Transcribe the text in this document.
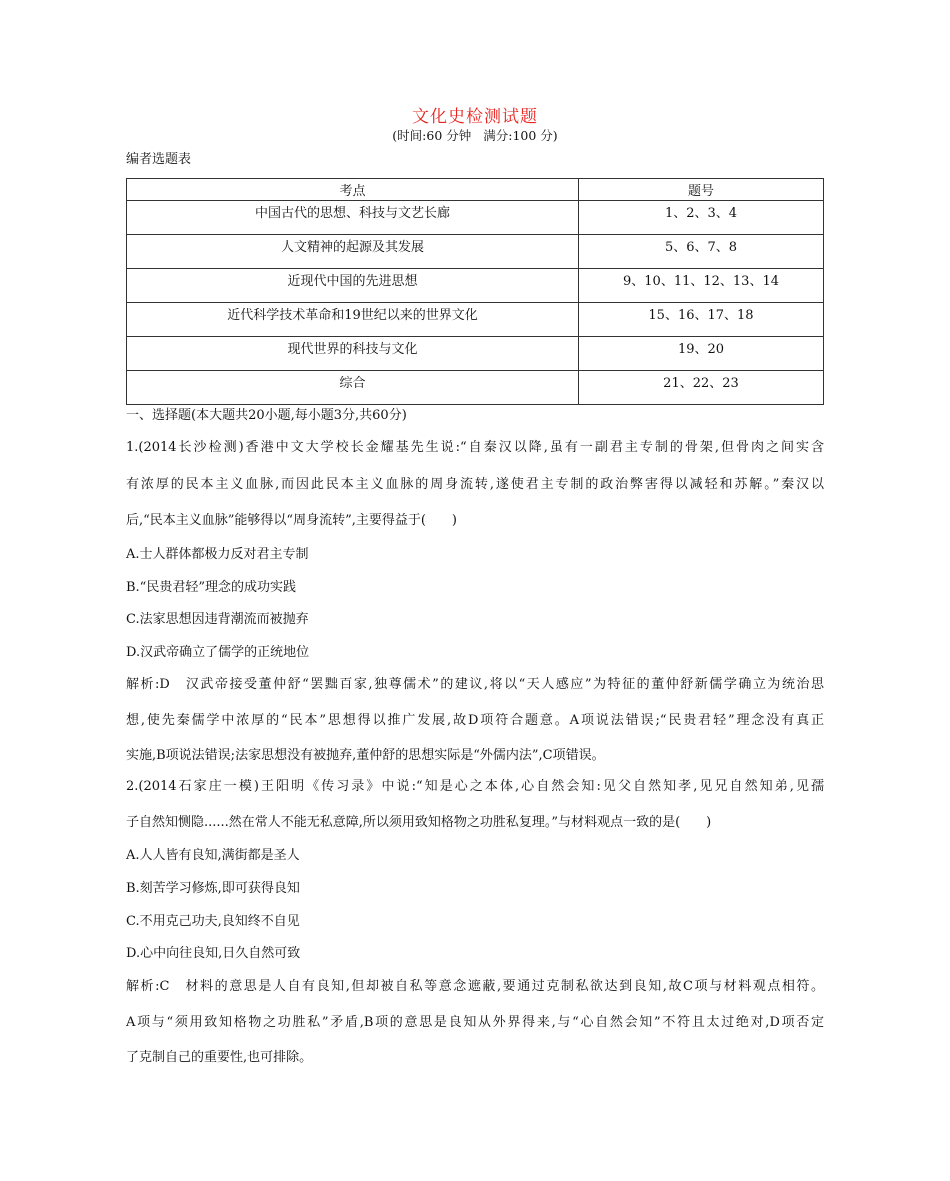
文化史检测试题
(时间:60 分钟 满分:100 分)
编者选题表
考点	题号
中国古代的思想、科技与文艺长廊	1、2、3、4
人文精神的起源及其发展	5、6、7、8
近现代中国的先进思想	9、10、11、12、13、14
近代科学技术革命和19世纪以来的世界文化	15、16、17、18
现代世界的科技与文化	19、20
综合	21、22、23
一、选择题(本大题共20小题,每小题3分,共60分)
1.(2014长沙检测)香港中文大学校长金耀基先生说:“自秦汉以降,虽有一副君主专制的骨架,但骨肉之间实含
有浓厚的民本主义血脉,而因此民本主义血脉的周身流转,遂使君主专制的政治弊害得以减轻和苏解。”秦汉以
后,“民本主义血脉”能够得以“周身流转”,主要得益于(　　)
A.士人群体都极力反对君主专制
B.“民贵君轻”理念的成功实践
C.法家思想因违背潮流而被抛弃
D.汉武帝确立了儒学的正统地位
解析:D　汉武帝接受董仲舒“罢黜百家,独尊儒术”的建议,将以“天人感应”为特征的董仲舒新儒学确立为统治思
想,使先秦儒学中浓厚的“民本”思想得以推广发展,故D项符合题意。A项说法错误;“民贵君轻”理念没有真正
实施,B项说法错误;法家思想没有被抛弃,董仲舒的思想实际是“外儒内法”,C项错误。
2.(2014石家庄一模)王阳明《传习录》中说:“知是心之本体,心自然会知:见父自然知孝,见兄自然知弟,见孺
子自然知恻隐......然在常人不能无私意障,所以须用致知格物之功胜私复理。”与材料观点一致的是(　　)
A.人人皆有良知,满街都是圣人
B.刻苦学习修炼,即可获得良知
C.不用克己功夫,良知终不自见
D.心中向往良知,日久自然可致
解析:C　材料的意思是人自有良知,但却被自私等意念遮蔽,要通过克制私欲达到良知,故C项与材料观点相符。
A项与“须用致知格物之功胜私”矛盾,B项的意思是良知从外界得来,与“心自然会知”不符且太过绝对,D项否定
了克制自己的重要性,也可排除。
